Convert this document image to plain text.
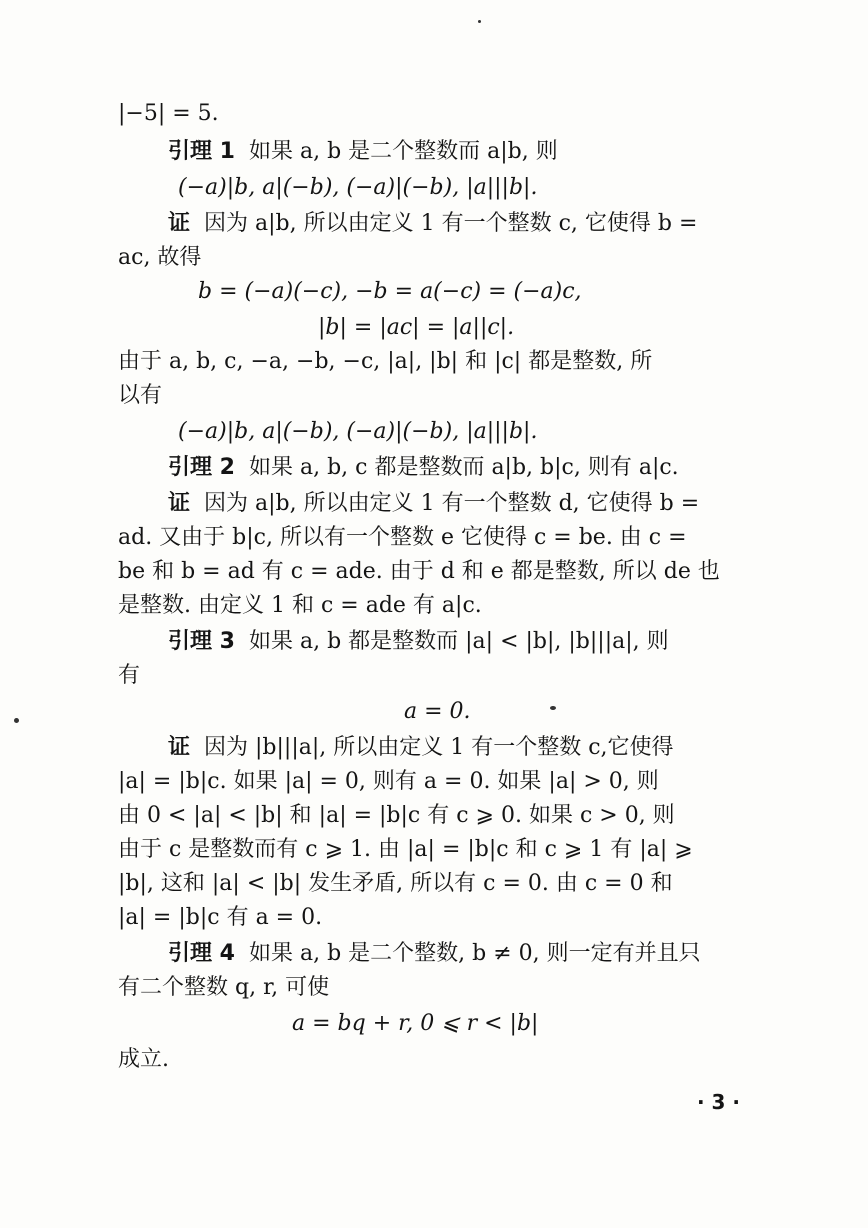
|−5| = 5.
引理 1 如果 a, b 是二个整数而 a|b, 则
(−a)|b, a|(−b), (−a)|(−b), |a|||b|.
证 因为 a|b, 所以由定义 1 有一个整数 c, 它使得 b =
ac, 故得
b = (−a)(−c), −b = a(−c) = (−a)c,
|b| = |ac| = |a||c|.
由于 a, b, c, −a, −b, −c, |a|, |b| 和 |c| 都是整数, 所
以有
(−a)|b, a|(−b), (−a)|(−b), |a|||b|.
引理 2 如果 a, b, c 都是整数而 a|b, b|c, 则有 a|c.
证 因为 a|b, 所以由定义 1 有一个整数 d, 它使得 b =
ad. 又由于 b|c, 所以有一个整数 e 它使得 c = be. 由 c =
be 和 b = ad 有 c = ade. 由于 d 和 e 都是整数, 所以 de 也
是整数. 由定义 1 和 c = ade 有 a|c.
引理 3 如果 a, b 都是整数而 |a| < |b|, |b|||a|, 则
有
a = 0.
证 因为 |b|||a|, 所以由定义 1 有一个整数 c,它使得
|a| = |b|c. 如果 |a| = 0, 则有 a = 0. 如果 |a| > 0, 则
由 0 < |a| < |b| 和 |a| = |b|c 有 c ⩾ 0. 如果 c > 0, 则
由于 c 是整数而有 c ⩾ 1. 由 |a| = |b|c 和 c ⩾ 1 有 |a| ⩾
|b|, 这和 |a| < |b| 发生矛盾, 所以有 c = 0. 由 c = 0 和
|a| = |b|c 有 a = 0.
引理 4 如果 a, b 是二个整数, b ≠ 0, 则一定有并且只
有二个整数 q, r, 可使
a = bq + r, 0 ⩽ r < |b|
成立.
· 3 ·
